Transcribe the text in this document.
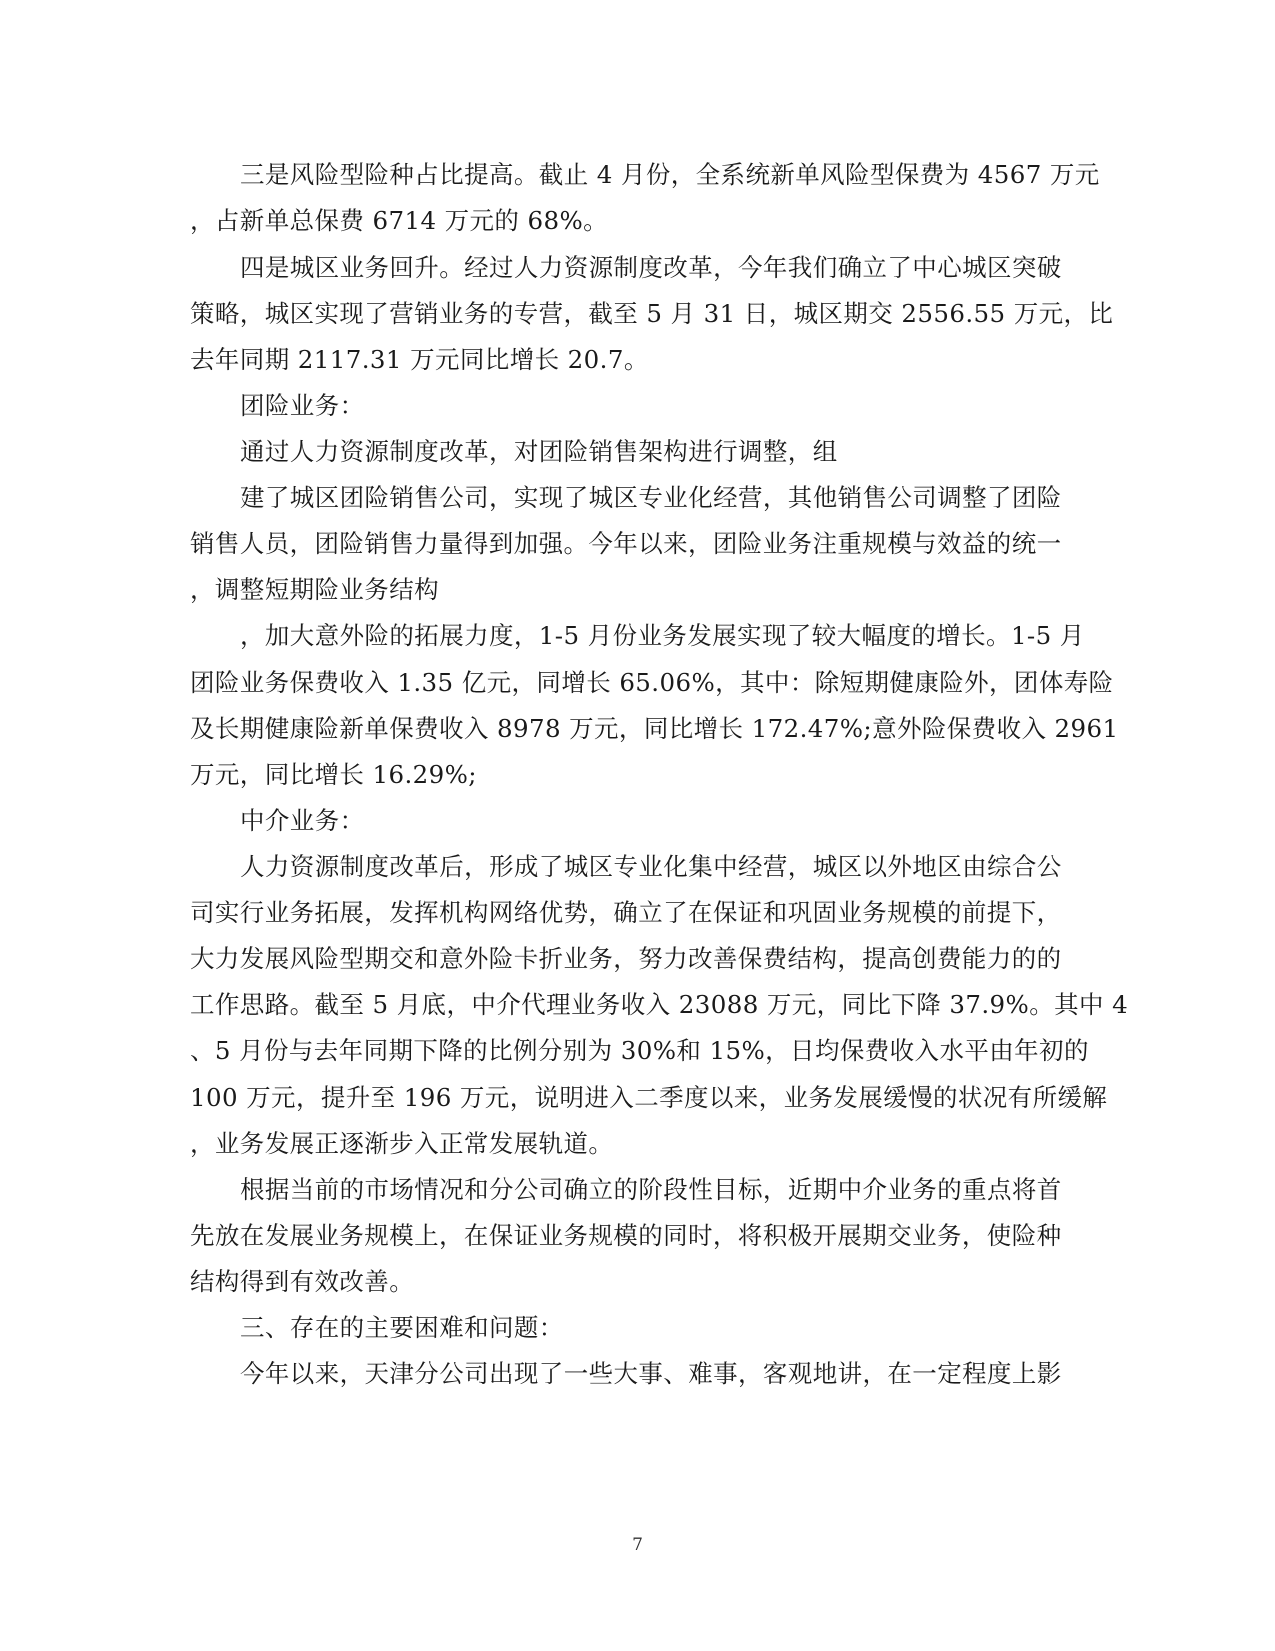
三是风险型险种占比提高。截止 4 月份，全系统新单风险型保费为 4567 万元
，占新单总保费 6714 万元的 68%。
四是城区业务回升。经过人力资源制度改革，今年我们确立了中心城区突破
策略，城区实现了营销业务的专营，截至 5 月 31 日，城区期交 2556.55 万元，比
去年同期 2117.31 万元同比增长 20.7。
团险业务：
通过人力资源制度改革，对团险销售架构进行调整，组
建了城区团险销售公司，实现了城区专业化经营，其他销售公司调整了团险
销售人员，团险销售力量得到加强。今年以来，团险业务注重规模与效益的统一
，调整短期险业务结构
，加大意外险的拓展力度，1-5 月份业务发展实现了较大幅度的增长。1-5 月
团险业务保费收入 1.35 亿元，同增长 65.06%，其中：除短期健康险外，团体寿险
及长期健康险新单保费收入 8978 万元，同比增长 172.47%;意外险保费收入 2961
万元，同比增长 16.29%;
中介业务：
人力资源制度改革后，形成了城区专业化集中经营，城区以外地区由综合公
司实行业务拓展，发挥机构网络优势，确立了在保证和巩固业务规模的前提下，
大力发展风险型期交和意外险卡折业务，努力改善保费结构，提高创费能力的的
工作思路。截至 5 月底，中介代理业务收入 23088 万元，同比下降 37.9%。其中 4
、5 月份与去年同期下降的比例分别为 30%和 15%，日均保费收入水平由年初的
100 万元，提升至 196 万元，说明进入二季度以来，业务发展缓慢的状况有所缓解
，业务发展正逐渐步入正常发展轨道。
根据当前的市场情况和分公司确立的阶段性目标，近期中介业务的重点将首
先放在发展业务规模上，在保证业务规模的同时，将积极开展期交业务，使险种
结构得到有效改善。
三、存在的主要困难和问题：
今年以来，天津分公司出现了一些大事、难事，客观地讲，在一定程度上影
7
